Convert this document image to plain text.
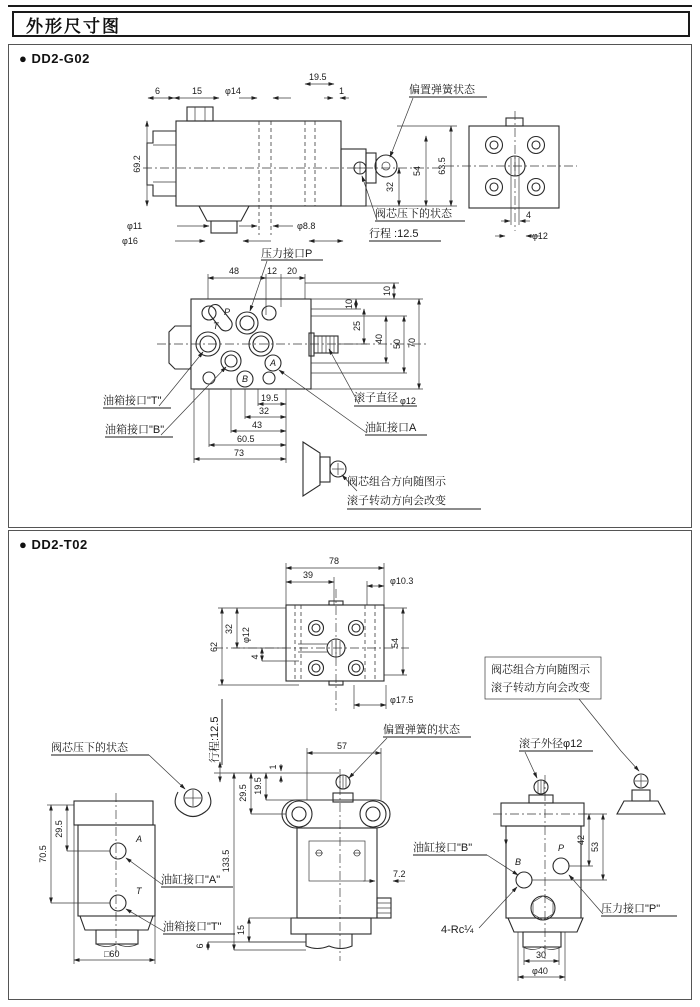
外形尺寸图
● DD2-G02
69.2
6	15	φ14
19.5
1
32
54 63.5
φ11
φ16
φ8.8
偏置弹簧状态
阀芯压下的状态
行程 :12.5
4
φ12
P
T
B
A
压力接口P
48	12 20
10
10
25
40 50 70
19.5
32
43
60.5
73
油箱接口"T"
油箱接口"B"
滚子直径 φ12
油缸接口A
阀芯组合方向随图示
滚子转动方向会改变
● DD2-T02
78
39
φ10.3
62
32 φ12
4
54
φ17.5
阀芯组合方向随图示
滚子转动方向会改变
阀芯压下的状态	行程:12.5	57
偏置弹簧的状态
1
19.5
29.5
133.5
15
6
7.2
油缸接口"B"
4-Rc¼
A
T
29.5
70.5
□60
油缸接口"A"
油箱接口"T"
滚子外径φ12
B
P
42
53
压力接口"P"
30
φ40
